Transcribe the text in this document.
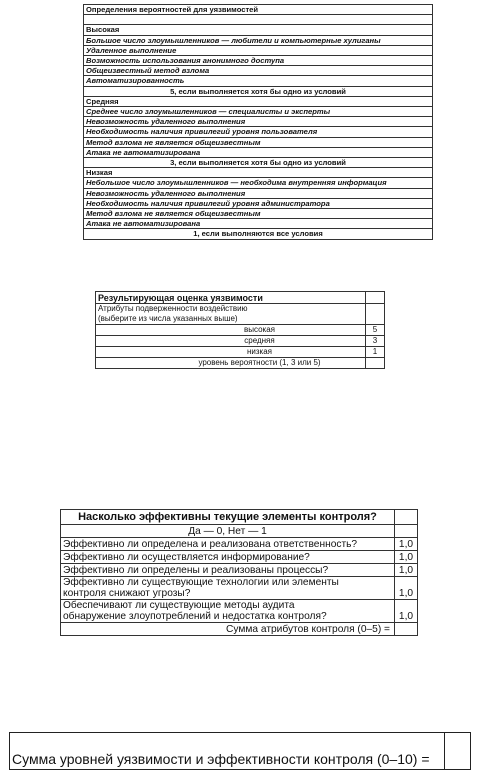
Определения вероятностей для уязвимостей

Высокая
Большое число злоумышленников — любители и компьютерные хулиганы
Удаленное выполнение
Возможность использования анонимного доступа
Общеизвестный метод взлома
Автоматизированность
5, если выполняется хотя бы одно из условий
Средняя
Среднее число злоумышленников — специалисты и эксперты
Невозможность удаленного выполнения
Необходимость наличия привилегий уровня пользователя
Метод взлома не является общеизвестным
Атака не автоматизирована
3, если выполняется хотя бы одно из условий
Низкая
Небольшое число злоумышленников — необходима внутренняя информация
Невозможность удаленного выполнения
Необходимость наличия привилегий уровня администратора
Метод взлома не является общеизвестным
Атака не автоматизирована
1, если выполняются все условия
Результирующая оценка уязвимости	

Атрибуты подверженности воздействию
(выберите из числа указанных выше)	

высокая	5
средняя	3
низкая	1
уровень вероятности (1, 3 или 5)	
Насколько эффективны текущие элементы контроля?	
Да — 0, Нет — 1	
Эффективно ли определена и реализована ответственность?	1,0
Эффективно ли осуществляется информирование?	1,0
Эффективно ли определены и реализованы процессы?	1,0

Эффективно ли существующие технологии или элементы
контроля снижают угрозы?	1,0

Обеспечивают ли существующие методы аудита
обнаружение злоупотреблений и недостатка контроля?	1,0
Сумма атрибутов контроля (0–5) =	
Сумма уровней уязвимости и эффективности контроля (0–10) =
